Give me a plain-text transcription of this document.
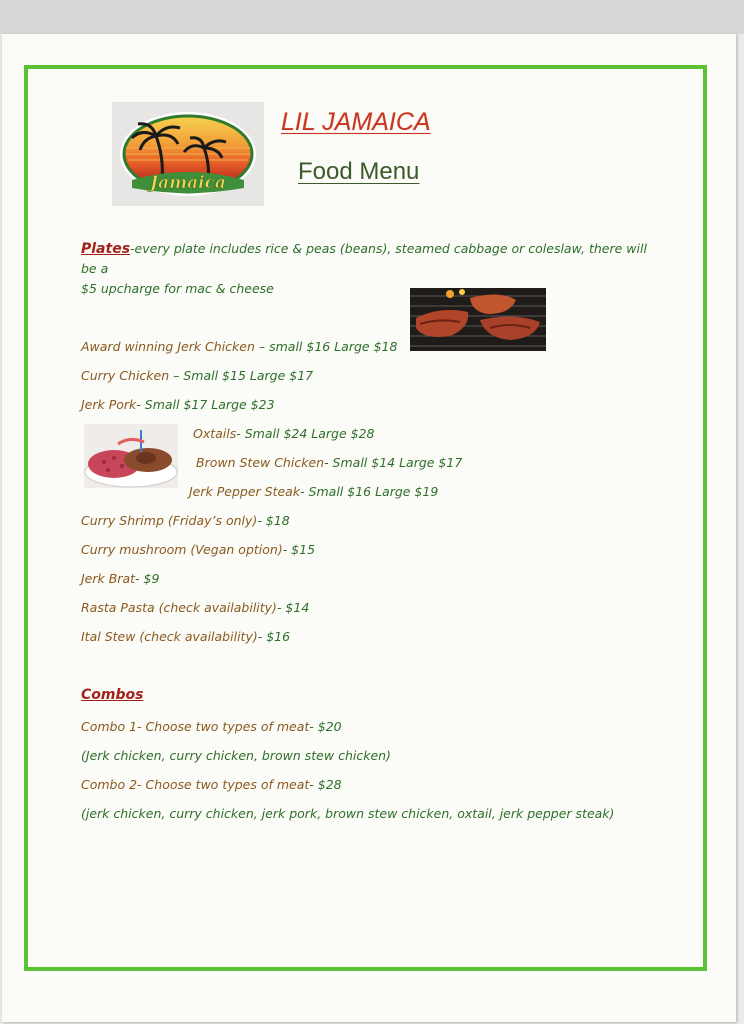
Jamaica
LIL JAMAICA
Food Menu
Plates-every plate includes rice & peas (beans), steamed cabbage or coleslaw, there will be a
$5 upcharge for mac & cheese
Award winning Jerk Chicken – small $16 Large $18
Curry Chicken – Small $15 Large $17
Jerk Pork- Small $17 Large $23
Oxtails- Small $24 Large $28
Brown Stew Chicken- Small $14 Large $17
Jerk Pepper Steak- Small $16 Large $19
Curry Shrimp (Friday’s only)- $18
Curry mushroom (Vegan option)- $15
Jerk Brat- $9
Rasta Pasta (check availability)- $14
Ital Stew (check availability)- $16
Combos
Combo 1- Choose two types of meat- $20
(Jerk chicken, curry chicken, brown stew chicken)
Combo 2- Choose two types of meat- $28
(jerk chicken, curry chicken, jerk pork, brown stew chicken, oxtail, jerk pepper steak)
